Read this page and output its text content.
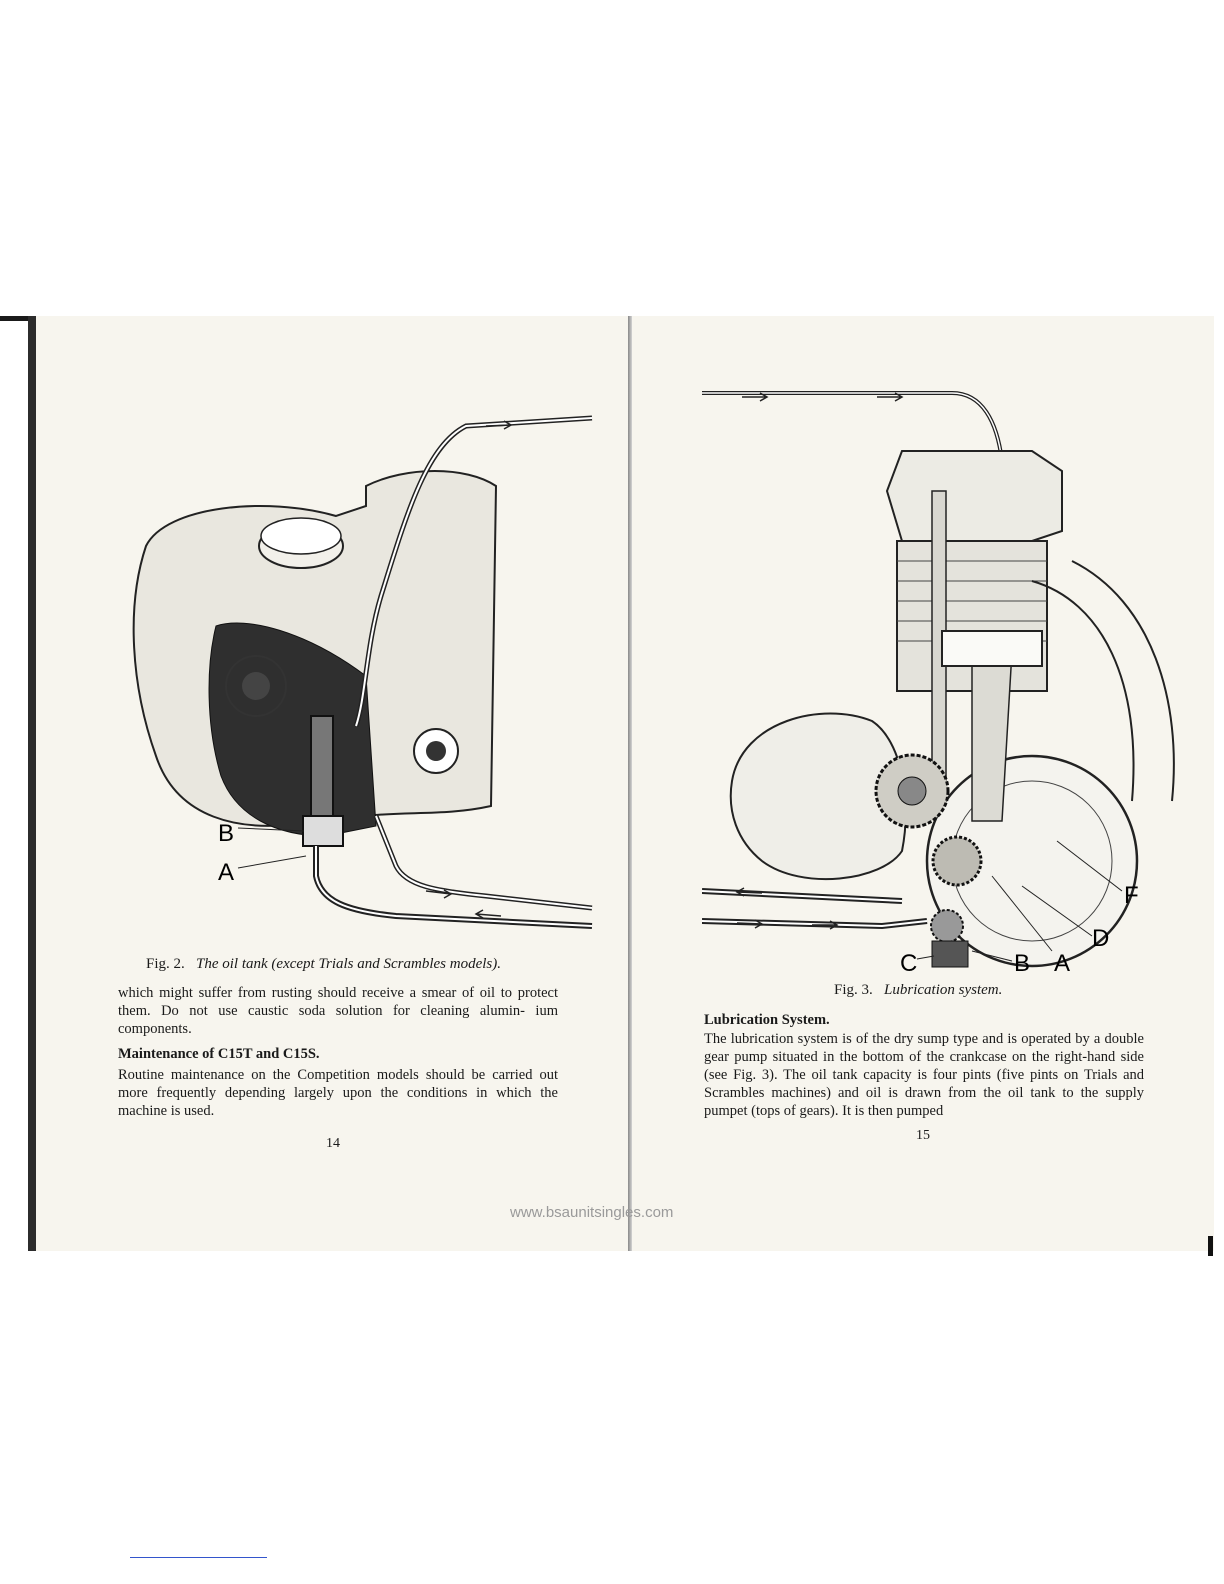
B
A
Fig. 2. The oil tank (except Trials and Scrambles models).
which might suffer from rusting should receive a smear of oil to protect them. Do not use caustic soda solution for cleaning alumin- ium components.
Maintenance of C15T and C15S.
Routine maintenance on the Competition models should be carried out more frequently depending largely upon the conditions in which the machine is used.
14
F
D
C	B A
Fig. 3. Lubrication system.
Lubrication System.
The lubrication system is of the dry sump type and is operated by a double gear pump situated in the bottom of the crankcase on the right-hand side (see Fig. 3). The oil tank capacity is four pints (five pints on Trials and Scrambles machines) and oil is drawn from the oil tank to the supply pumpet (tops of gears). It is then pumped
15
www.bsaunitsingles.com
